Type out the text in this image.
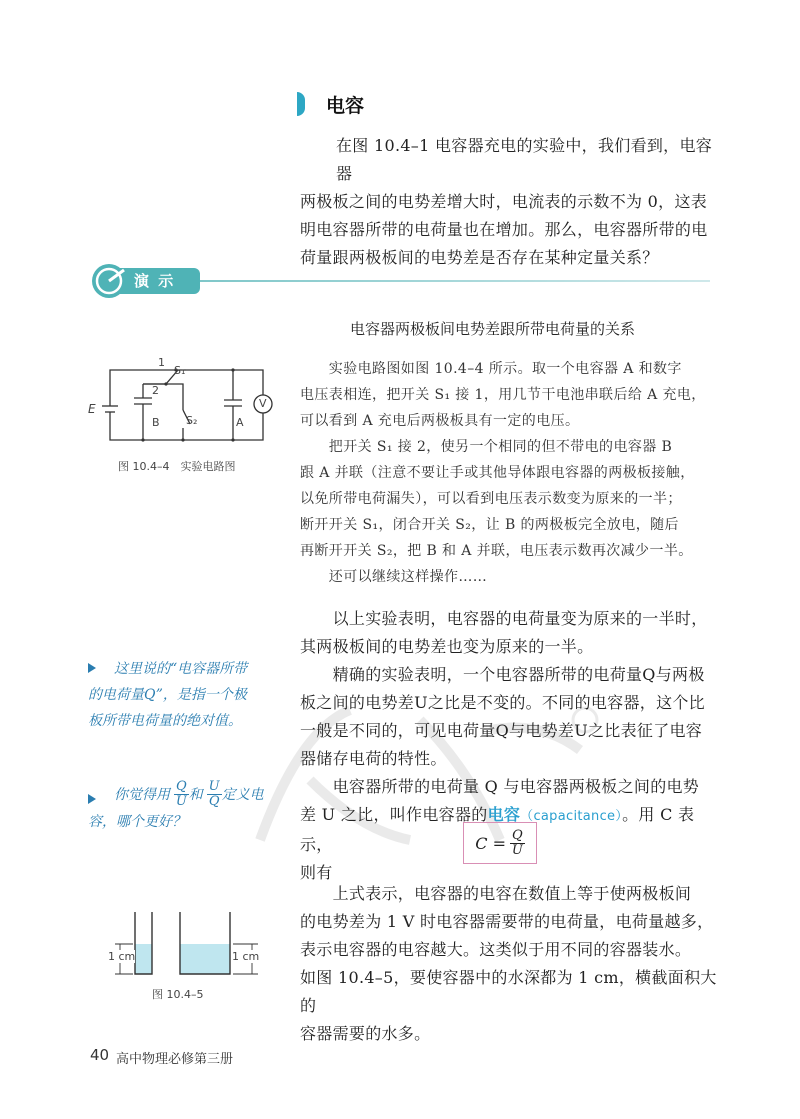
电容

在图 10.4–1 电容器充电的实验中，我们看到，电容器

两极板之间的电势差增大时，电流表的示数不为 0，这表

明电容器所带的电荷量也在增加。那么，电容器所带的电

荷量跟两极板间的电势差是否存在某种定量关系？

演 示
电容器两极板间电势差跟所带电荷量的关系
E
1
S₁
2
B S₂	A
V
图 10.4–4　实验电路图

　　实验电路图如图 10.4–4 所示。取一个电容器 A 和数字

电压表相连，把开关 S₁ 接 1，用几节干电池串联后给 A 充电，

可以看到 A 充电后两极板具有一定的电压。

　　把开关 S₁ 接 2，使另一个相同的但不带电的电容器 B

跟 A 并联（注意不要让手或其他导体跟电容器的两极板接触，

以免所带电荷漏失），可以看到电压表示数变为原来的一半；

断开开关 S₁，闭合开关 S₂，让 B 的两极板完全放电，随后

再断开开关 S₂，把 B 和 A 并联，电压表示数再次减少一半。

　　还可以继续这样操作……

　　以上实验表明，电容器的电荷量变为原来的一半时，

其两极板间的电势差也变为原来的一半。

　　精确的实验表明，一个电容器所带的电荷量Q与两极

板之间的电势差U之比是不变的。不同的电容器，这个比

一般是不同的，可见电荷量Q与电势差U之比表征了电容

器储存电荷的特性。

　　电容器所带的电荷量 Q 与电容器两极板之间的电势

差 U 之比，叫作电容器的电容（capacitance）。用 C 表示，

则有

$C = \frac{Q}{U}$

　　上式表示，电容器的电容在数值上等于使两极板间

的电势差为 1 V 时电容器需要带的电荷量，电荷量越多，

表示电容器的电容越大。这类似于用不同的容器装水。

如图 10.4–5，要使容器中的水深都为 1 cm，横截面积大的

容器需要的水多。

这里说的“电容器所带
的电荷量Q”，是指一个极
板所带电荷量的绝对值。
你觉得用 $\frac{Q}{U}$ 和 $\frac{U}{Q}$ 定义电
容，哪个更好？
1 cm	1 cm
图 10.4–5
40 高中物理必修第三册
